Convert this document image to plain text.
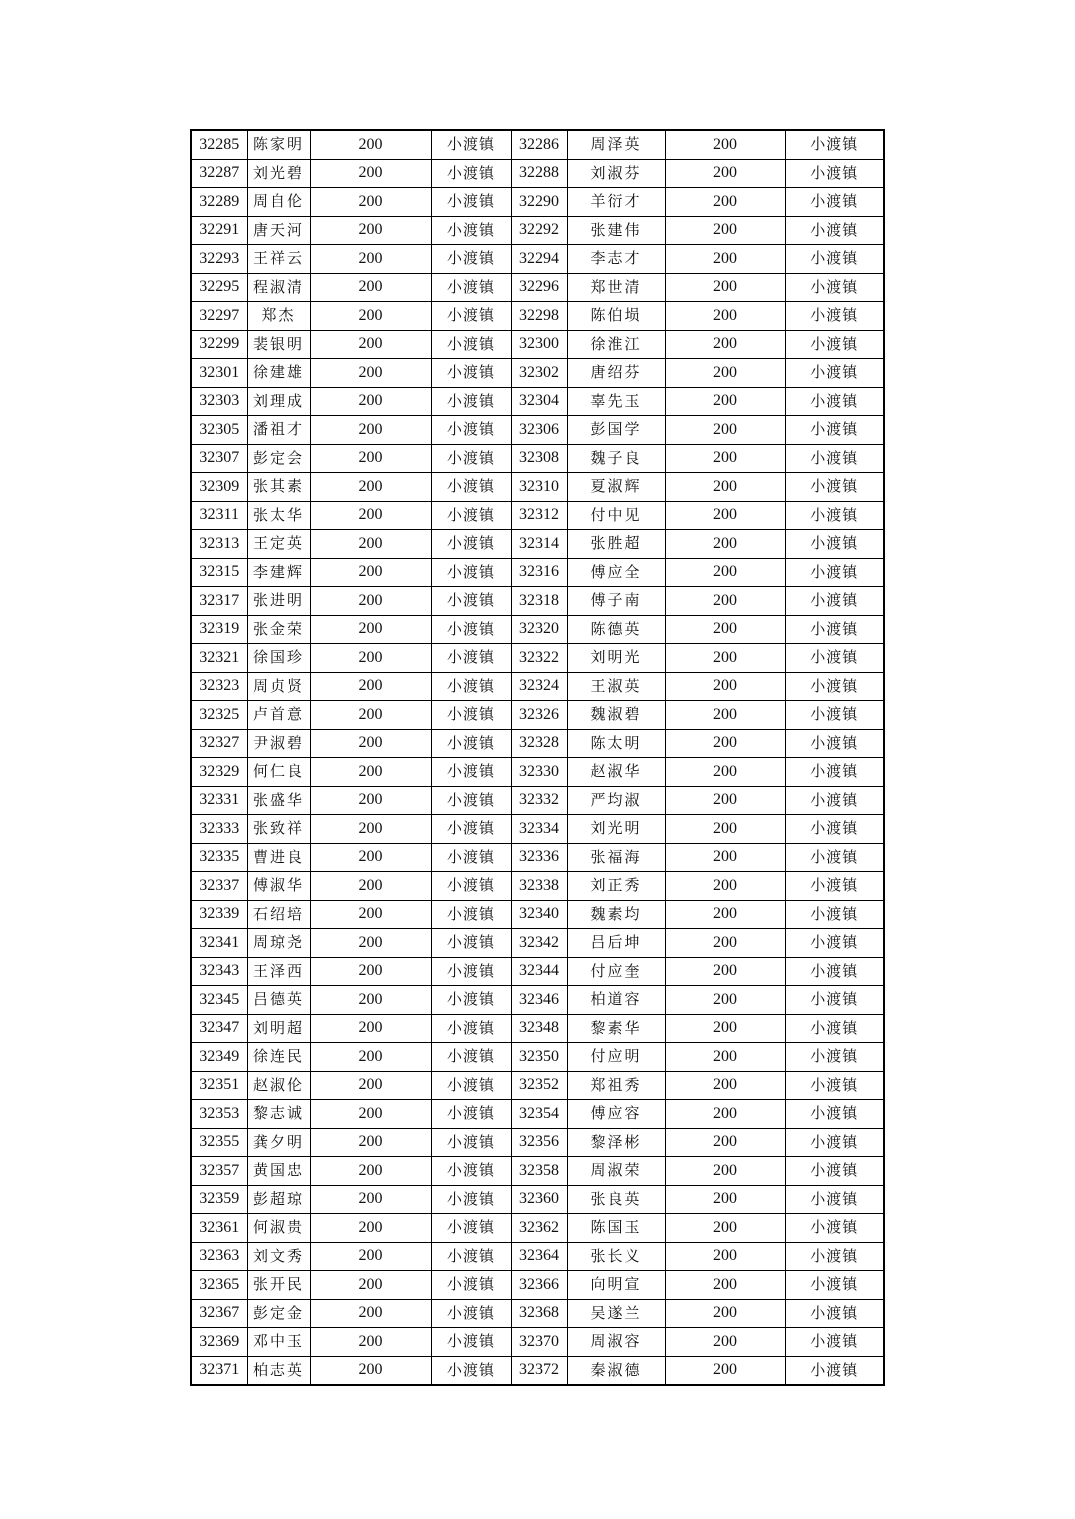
32285	陈家明	200	小渡镇	32286	周泽英	200	小渡镇
32287	刘光碧	200	小渡镇	32288	刘淑芬	200	小渡镇
32289	周自伦	200	小渡镇	32290	羊衍才	200	小渡镇
32291	唐天河	200	小渡镇	32292	张建伟	200	小渡镇
32293	王祥云	200	小渡镇	32294	李志才	200	小渡镇
32295	程淑清	200	小渡镇	32296	郑世清	200	小渡镇
32297	郑杰	200	小渡镇	32298	陈伯埙	200	小渡镇
32299	裴银明	200	小渡镇	32300	徐淮江	200	小渡镇
32301	徐建雄	200	小渡镇	32302	唐绍芬	200	小渡镇
32303	刘理成	200	小渡镇	32304	辜先玉	200	小渡镇
32305	潘祖才	200	小渡镇	32306	彭国学	200	小渡镇
32307	彭定会	200	小渡镇	32308	魏子良	200	小渡镇
32309	张其素	200	小渡镇	32310	夏淑辉	200	小渡镇
32311	张太华	200	小渡镇	32312	付中见	200	小渡镇
32313	王定英	200	小渡镇	32314	张胜超	200	小渡镇
32315	李建辉	200	小渡镇	32316	傅应全	200	小渡镇
32317	张进明	200	小渡镇	32318	傅子南	200	小渡镇
32319	张金荣	200	小渡镇	32320	陈德英	200	小渡镇
32321	徐国珍	200	小渡镇	32322	刘明光	200	小渡镇
32323	周贞贤	200	小渡镇	32324	王淑英	200	小渡镇
32325	卢首意	200	小渡镇	32326	魏淑碧	200	小渡镇
32327	尹淑碧	200	小渡镇	32328	陈太明	200	小渡镇
32329	何仁良	200	小渡镇	32330	赵淑华	200	小渡镇
32331	张盛华	200	小渡镇	32332	严均淑	200	小渡镇
32333	张致祥	200	小渡镇	32334	刘光明	200	小渡镇
32335	曹进良	200	小渡镇	32336	张福海	200	小渡镇
32337	傅淑华	200	小渡镇	32338	刘正秀	200	小渡镇
32339	石绍培	200	小渡镇	32340	魏素均	200	小渡镇
32341	周琼尧	200	小渡镇	32342	吕后坤	200	小渡镇
32343	王泽西	200	小渡镇	32344	付应奎	200	小渡镇
32345	吕德英	200	小渡镇	32346	柏道容	200	小渡镇
32347	刘明超	200	小渡镇	32348	黎素华	200	小渡镇
32349	徐连民	200	小渡镇	32350	付应明	200	小渡镇
32351	赵淑伦	200	小渡镇	32352	郑祖秀	200	小渡镇
32353	黎志诚	200	小渡镇	32354	傅应容	200	小渡镇
32355	龚夕明	200	小渡镇	32356	黎泽彬	200	小渡镇
32357	黄国忠	200	小渡镇	32358	周淑荣	200	小渡镇
32359	彭超琼	200	小渡镇	32360	张良英	200	小渡镇
32361	何淑贵	200	小渡镇	32362	陈国玉	200	小渡镇
32363	刘文秀	200	小渡镇	32364	张长义	200	小渡镇
32365	张开民	200	小渡镇	32366	向明宣	200	小渡镇
32367	彭定金	200	小渡镇	32368	吴遂兰	200	小渡镇
32369	邓中玉	200	小渡镇	32370	周淑容	200	小渡镇
32371	柏志英	200	小渡镇	32372	秦淑德	200	小渡镇
